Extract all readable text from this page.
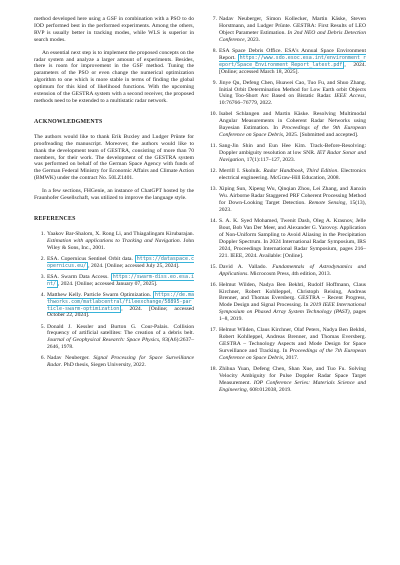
method developed here using a GSF in combination with a PSO to do IOD performed best in the performed experiments. Among the others, RVP is usually better in tracking modes, while WLS is superior in search modes.

An essential next step is to implement the proposed concepts on the radar system and analyze a larger amount of experiments. Besides, there is room for improvement in the GSF method. Tuning the parameters of the PSO or even change the numerical optimization algorithm to one which is more stable in terms of finding the global optimum for this kind of likelihood functions. With the upcoming extension of the GESTRA system with a second receiver, the proposed methods need to be extended to a multistatic radar network.

ACKNOWLEDGMENTS

The authors would like to thank Erik Buxley and Ludger Prünte for proofreading the manuscript. Moreover, the authors would like to thank the development team of GESTRA, consisting of more than 70 members, for their work. The development of the GESTRA system was performed on behalf of the German Space Agency with funds of the German Federal Ministry for Economic Affairs and Climate Action (BMWK) under the contract No. 50LZ1401.

In a few sections, FHGenie, an instance of ChatGPT hosted by the Fraunhofer Gesellschaft, was utilized to improve the language style.

REFERENCES
1. Yaakov Bar-Shalom, X. Rong Li, and Thiagalingam Kirubarajan. Estimation with applications to Tracking and Navigation. John Wiley & Sons, Inc., 2001.
2. ESA. Copernicus Sentinel Orbit data. https://dataspace.copernicus.eu/ , 2024. [Online; accessed July 25, 2024].
3. ESA. Swarm Data Access. https://swarm-diss.eo.esa.int/ , 2024. [Online; accessed January 07, 2025].
4. Matthew Kelly. Particle Swarm Optimization. https://de.mathworks.com/matlabcentral/fileexchange/58895-particle-swarm-optimization , 2024. [Online; accessed October 22, 2024].
5. Donald J. Kessler and Burton G. Cour-Palais. Collision frequency of artificial satellites: The creation of a debris belt. Journal of Geophysical Research: Space Physics, 83(A6):2637–2646, 1978.
6. Nadav Neuberger. Signal Processing for Space Surveillance Radar. PhD thesis, Siegen University, 2022.
7. Nadav Neuberger, Simon Kollecker, Martin Käske, Steven Horstmann, and Ludger Prünte. GESTRA: First Results of LEO Object Parameter Estimation. In 2nd NEO and Debris Detection Conference, 2023.
8. ESA Space Debris Office. ESA's Annual Space Environment Report. https://www.sdo.esoc.esa.int/environment_report/Space_Environment_Report_latest.pdf , 2024. [Online; accessed March 18, 2025].
9. Jinye Qu, Defeng Chen, Huawei Cao, Tuo Fu, and Shuo Zhang. Initial Orbit Determination Method for Low Earth orbit Objects Using Too-Short Arc Based on Bistatic Radar. IEEE Access, 10:76766–76779, 2022.
10. Isabel Schlangen and Martin Käske. Resolving Multimodal Angular Measurements in Coherent Radar Networks using Bayesian Estimation. In Proceedings of the 9th European Conference on Space Debris, 2025. [Submitted and accepted].
11. Sang-Jin Shin and Eun Hee Kim. Track-Before-Resolving: Doppler ambiguity resolution at low SNR. IET Radar Sonar and Navigation, 17(1):117–127, 2023.
12. Merrill I. Skolnik. Radar Handbook, Third Edition. Electronics electrical engineering. McGraw-Hill Education, 2008.
13. Xiping Sun, Xipeng Wu, Qinqian Zhou, Lei Zhang, and Jianxin Wu. Airborne Radar Staggered PRF Coherent Processing Method for Down-Looking Target Detection. Remote Sensing, 15(13), 2023.
14. S. A. K. Syed Mohamed, Twenit Dash, Oleg A. Krasnov, Jelle Bout, Bob Van Der Meer, and Alexander G. Yarovoy. Application of Non-Uniform Sampling to Avoid Aliasing in the Precipitation Doppler Spectrum. In 2024 International Radar Symposium, IRS 2024, Proceedings International Radar Symposium, pages 216–221. IEEE, 2024. Available: [Online].
15. David A. Vallado. Fundamentals of Astrodynamics and Applications. Microcosm Press, 4th edition, 2013.
16. Helmut Wilden, Nadya Ben Bekhti, Rudolf Hoffmann, Claus Kirchner, Robert Kohlleppel, Christoph Reising, Andreas Brenner, and Thomas Eversberg. GESTRA – Recent Progress, Mode Design and Signal Processing. In 2019 IEEE International Symposium on Phased Array System Technology (PAST), pages 1–8, 2019.
17. Helmut Wilden, Claus Kirchner, Olaf Peters, Nadya Ben Bekhti, Robert Kohlleppel, Andreas Brenner, and Thomas Eversberg. GESTRA – Technology Aspects and Mode Design for Space Surveillance and Tracking. In Proceedings of the 7th European Conference on Space Debris, 2017.
18. Zhihua Yuan, Defeng Chen, Shan Xue, and Tuo Fu. Solving Velocity Ambiguity for Pulse Doppler Radar Space Target Measurement. IOP Conference Series: Materials Science and Engineering, 608:012038, 2019.
